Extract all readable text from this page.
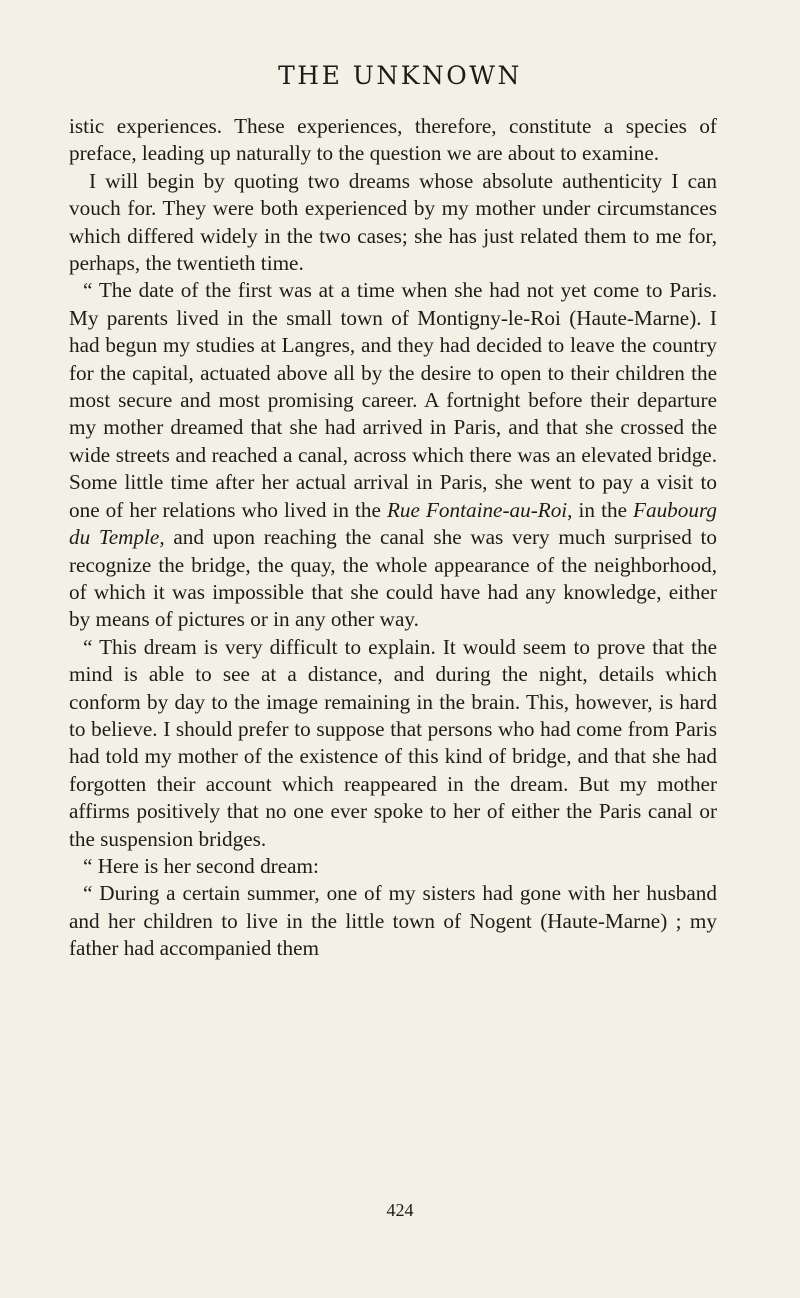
THE UNKNOWN

istic experiences. These experiences, therefore, constitute a species of preface, leading up naturally to the question we are about to examine.

I will begin by quoting two dreams whose absolute authenticity I can vouch for. They were both experienced by my mother under circumstances which differed widely in the two cases; she has just related them to me for, perhaps, the twentieth time.

“ The date of the first was at a time when she had not yet come to Paris. My parents lived in the small town of Montigny-le-Roi (Haute-Marne). I had begun my studies at Langres, and they had decided to leave the country for the capital, actuated above all by the desire to open to their children the most secure and most promising career. A fortnight before their departure my mother dreamed that she had arrived in Paris, and that she crossed the wide streets and reached a canal, across which there was an elevated bridge. Some little time after her actual arrival in Paris, she went to pay a visit to one of her relations who lived in the Rue Fontaine-au-Roi, in the Faubourg du Temple, and upon reaching the canal she was very much surprised to recognize the bridge, the quay, the whole appearance of the neighborhood, of which it was impossible that she could have had any knowledge, either by means of pictures or in any other way.

“ This dream is very difficult to explain. It would seem to prove that the mind is able to see at a distance, and during the night, details which conform by day to the image remaining in the brain. This, however, is hard to believe. I should prefer to suppose that persons who had come from Paris had told my mother of the existence of this kind of bridge, and that she had forgotten their account which reappeared in the dream. But my mother affirms positively that no one ever spoke to her of either the Paris canal or the suspension bridges.

“ Here is her second dream:

“ During a certain summer, one of my sisters had gone with her husband and her children to live in the little town of Nogent (Haute-Marne) ; my father had accompanied them

424
